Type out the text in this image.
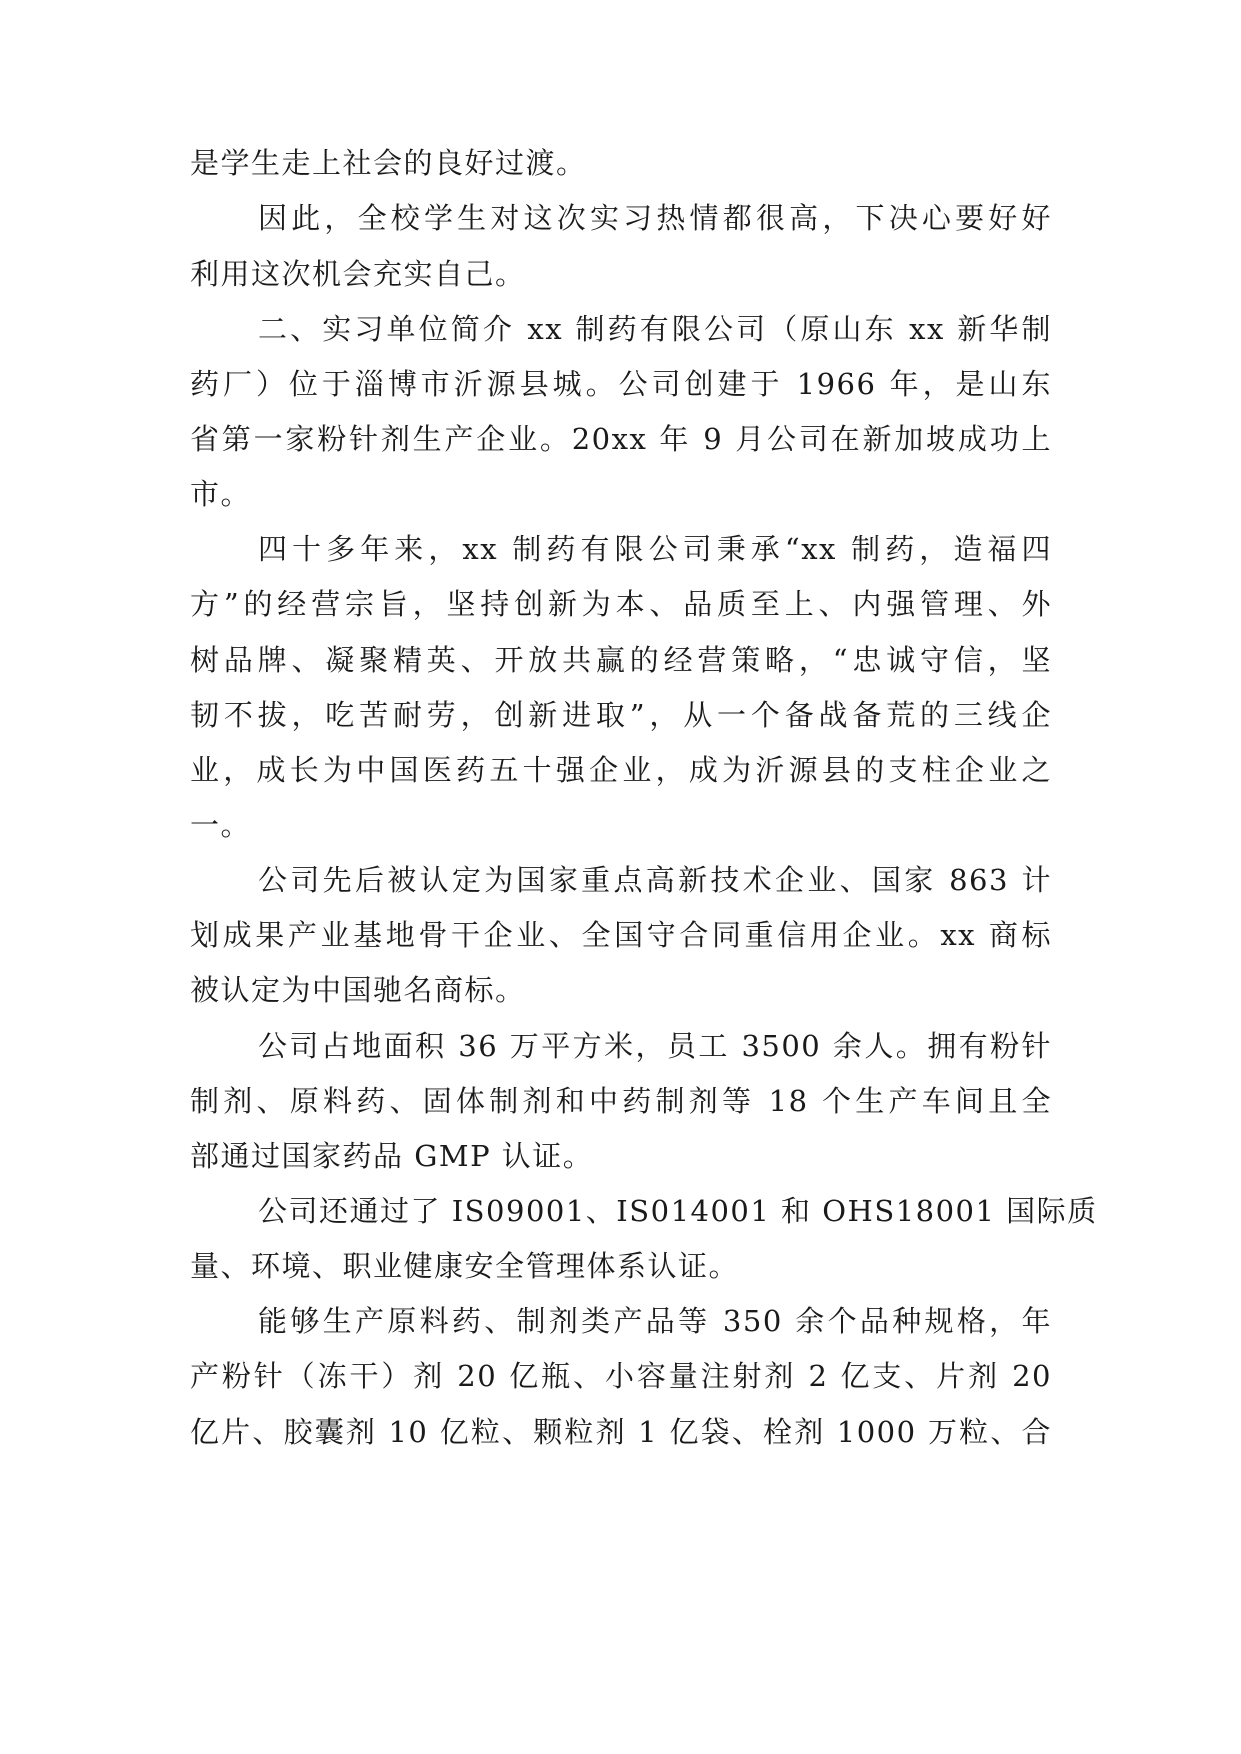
是学生走上社会的良好过渡。

因此，全校学生对这次实习热情都很高，下决心要好好

利用这次机会充实自己。

二、实习单位简介 xx 制药有限公司（原山东 xx 新华制

药厂）位于淄博市沂源县城。公司创建于 1966 年，是山东

省第一家粉针剂生产企业。20xx 年 9 月公司在新加坡成功上

市。

四十多年来，xx 制药有限公司秉承“xx 制药，造福四

方”的经营宗旨，坚持创新为本、品质至上、内强管理、外

树品牌、凝聚精英、开放共赢的经营策略，“忠诚守信，坚

韧不拔，吃苦耐劳，创新进取”，从一个备战备荒的三线企

业，成长为中国医药五十强企业，成为沂源县的支柱企业之

一。

公司先后被认定为国家重点高新技术企业、国家 863 计

划成果产业基地骨干企业、全国守合同重信用企业。xx 商标

被认定为中国驰名商标。

公司占地面积 36 万平方米，员工 3500 余人。拥有粉针

制剂、原料药、固体制剂和中药制剂等 18 个生产车间且全

部通过国家药品 GMP 认证。

公司还通过了 IS09001、IS014001 和 OHS18001 国际质

量、环境、职业健康安全管理体系认证。

能够生产原料药、制剂类产品等 350 余个品种规格，年

产粉针（冻干）剂 20 亿瓶、小容量注射剂 2 亿支、片剂 20

亿片、胶囊剂 10 亿粒、颗粒剂 1 亿袋、栓剂 1000 万粒、合
